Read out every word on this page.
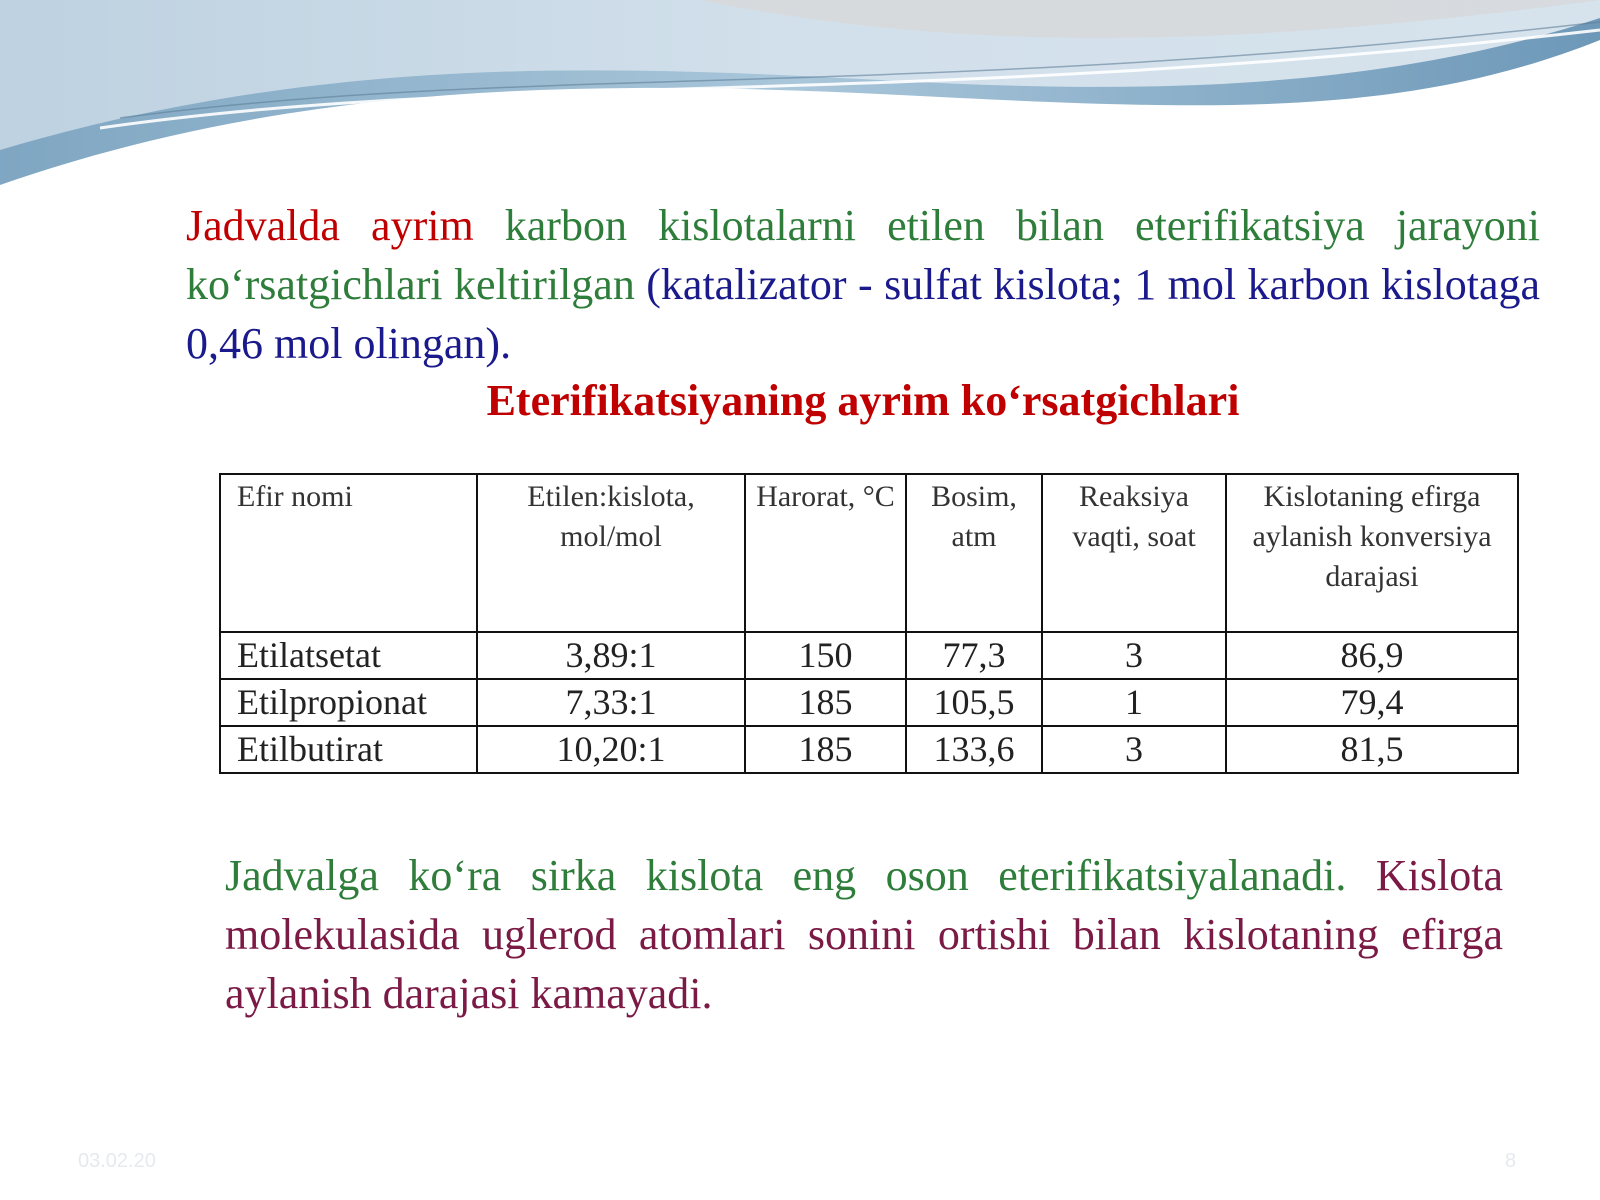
Jadvalda ayrim karbon kislotalarni etilen bilan eterifikatsiya jarayoni ko‘rsatgichlari keltirilgan (katalizator - sulfat kislota; 1 mol karbon kislotaga 0,46 mol olingan).

Eterifikatsiyaning ayrim ko‘rsatgichlari
Efir nomi	Etilen:kislota, mol/mol	Harorat, °C	Bosim, atm	Reaksiya vaqti, soat	Kislotaning efirga aylanish konversiya darajasi
Etilatsetat	3,89:1	150	77,3	3	86,9
Etilpropionat	7,33:1	185	105,5	1	79,4
Etilbutirat	10,20:1	185	133,6	3	81,5

Jadvalga ko‘ra sirka kislota eng oson eterifikatsiyalanadi. Kislota molekulasida uglerod atomlari sonini ortishi bilan kislotaning efirga aylanish darajasi kamayadi.

03.02.20	8
